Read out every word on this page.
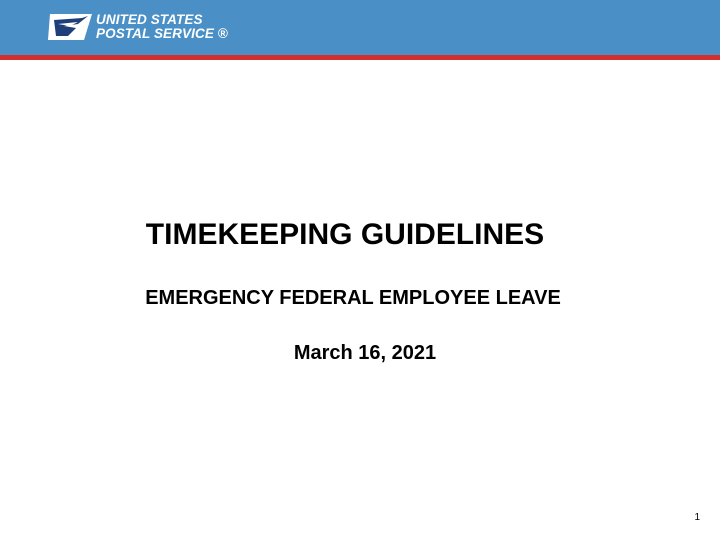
UNITED STATES
POSTAL SERVICE ®
TIMEKEEPING GUIDELINES
EMERGENCY FEDERAL EMPLOYEE LEAVE
March 16, 2021
1
